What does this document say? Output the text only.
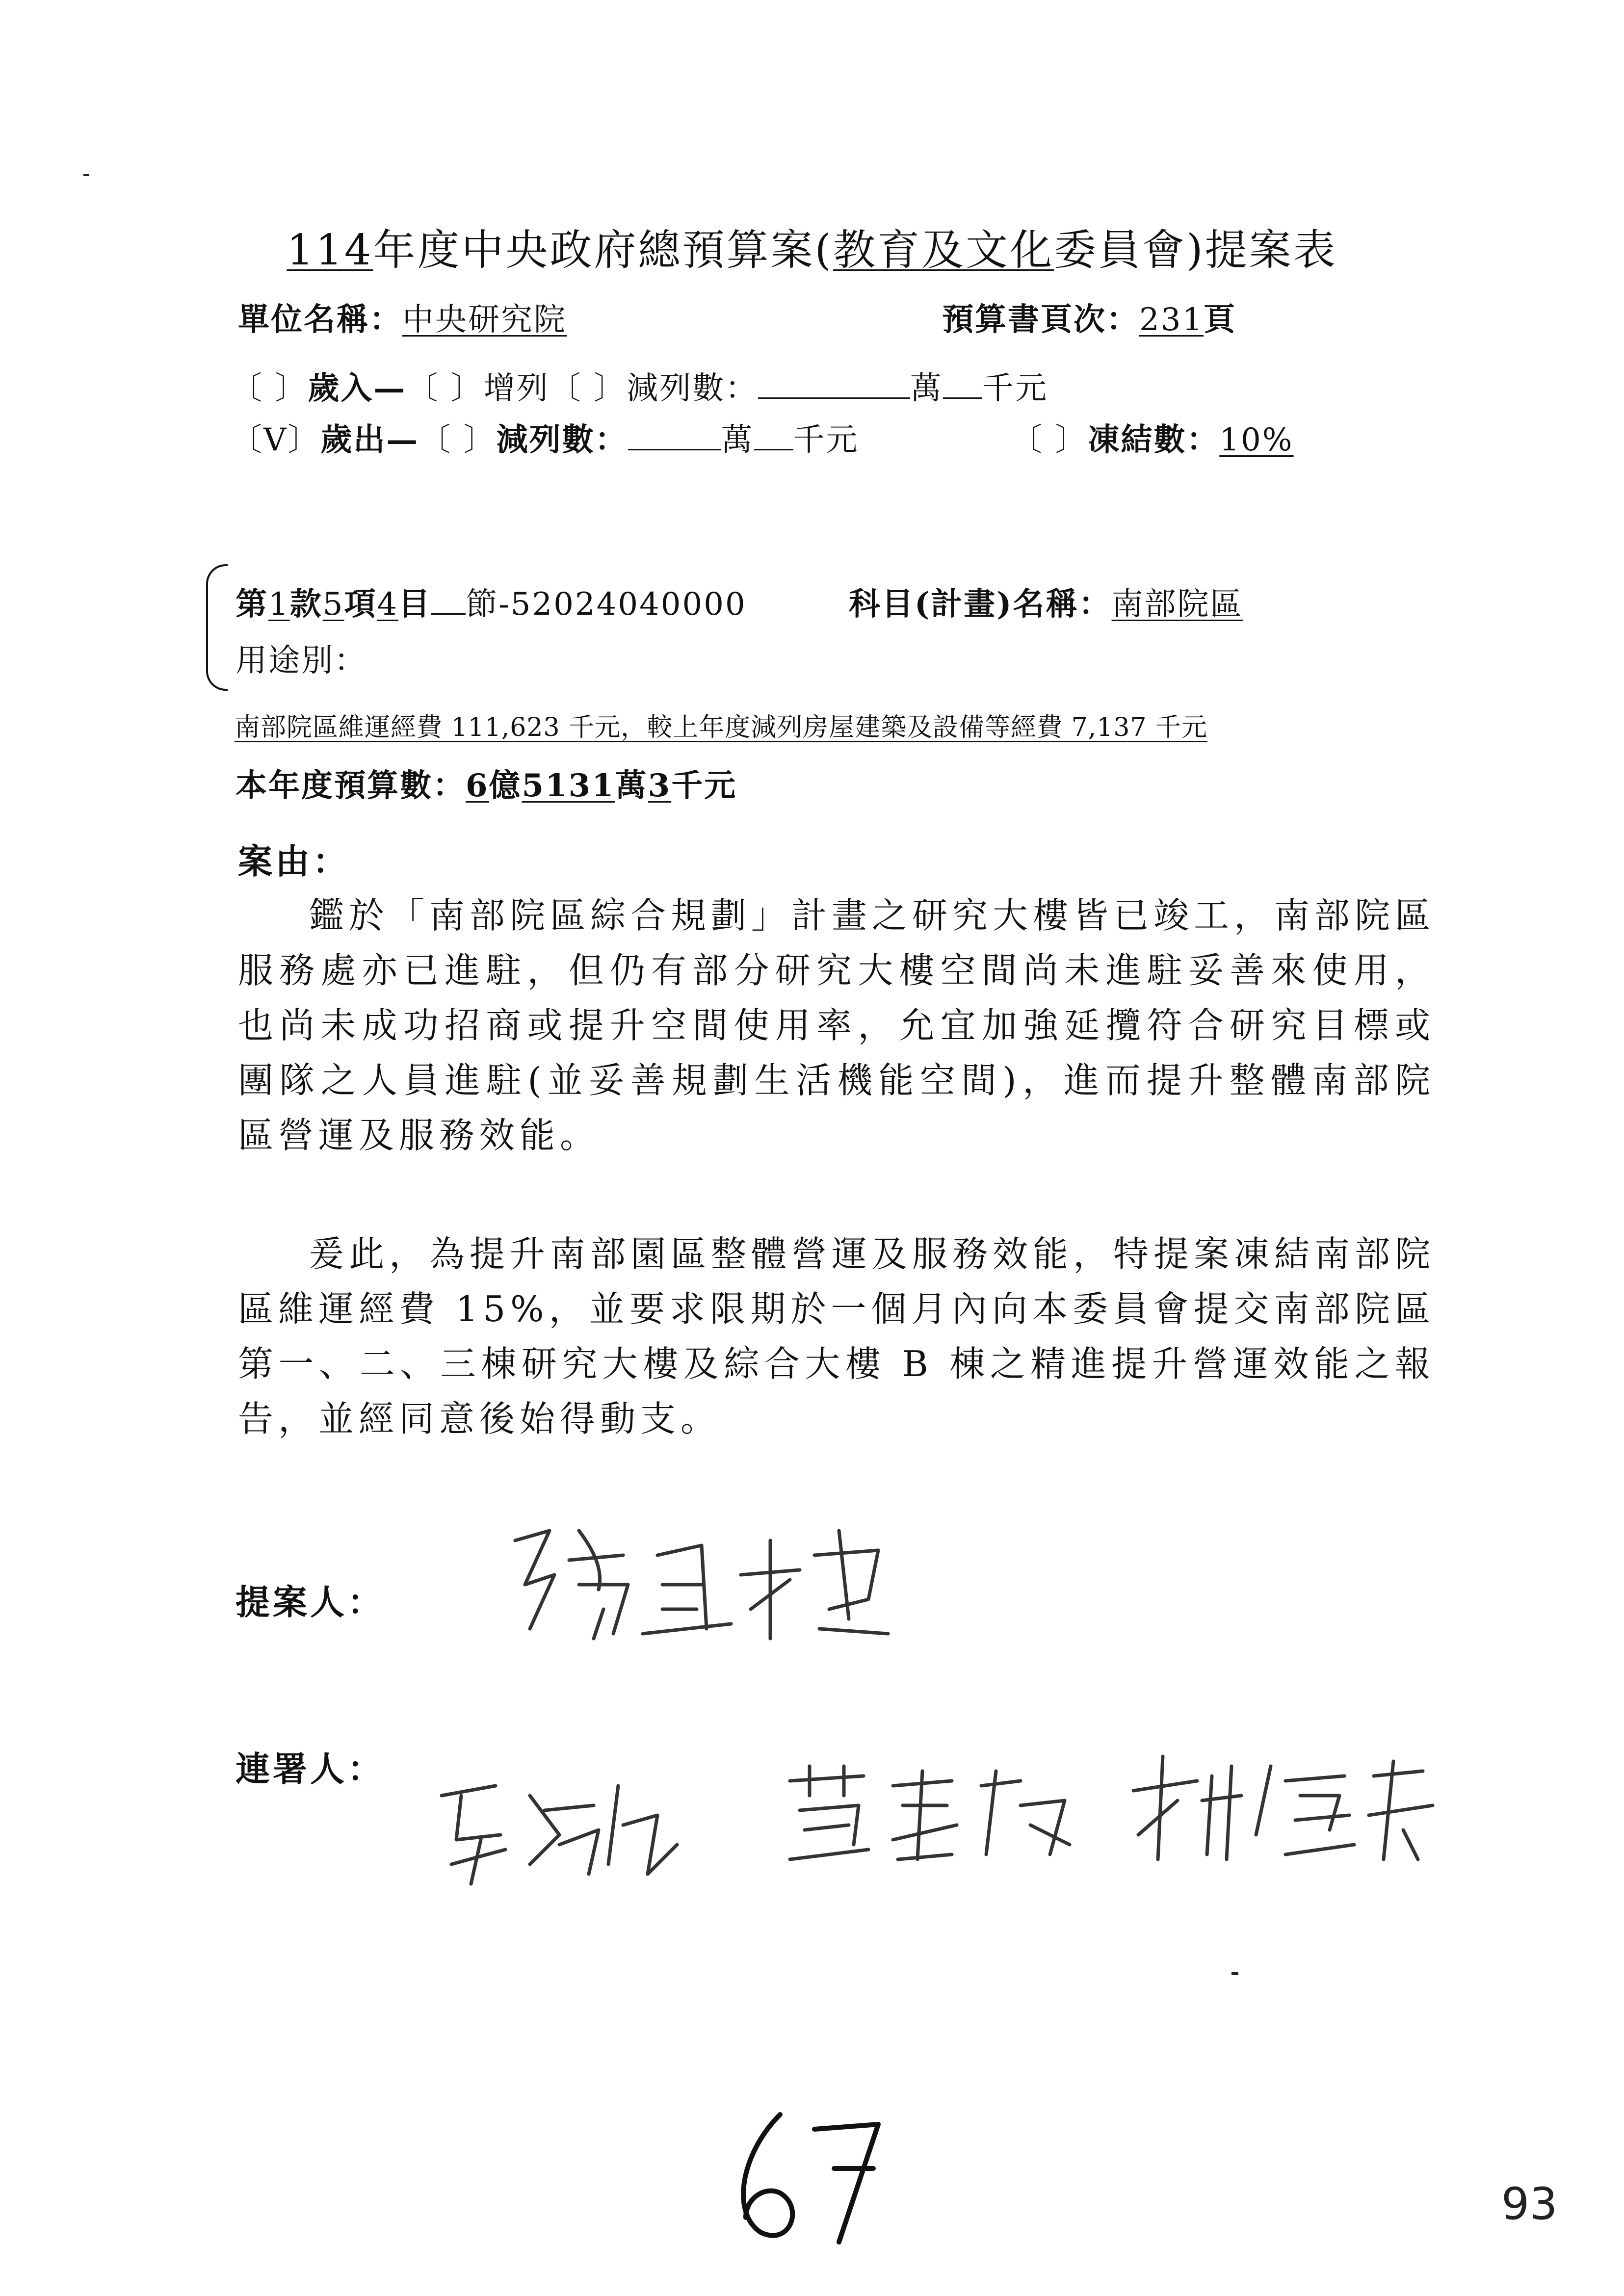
114年度中央政府總預算案(教育及文化委員會)提案表
單位名稱：中央研究院	預算書頁次：231頁
〔 〕歲入—〔 〕增列〔 〕減列數：	萬 千元
〔V〕歲出—〔 〕減列數：	萬 千元	〔 〕凍結數：10%
第1款5項4目 節-52024040000	科目(計畫)名稱：南部院區
用途別：
南部院區維運經費 111,623 千元，較上年度減列房屋建築及設備等經費 7,137 千元
本年度預算數：6億5131萬3千元
案由：
鑑於「南部院區綜合規劃」計畫之研究大樓皆已竣工，南部院區服務處亦已進駐，但仍有部分研究大樓空間尚未進駐妥善來使用，也尚未成功招商或提升空間使用率，允宜加強延攬符合研究目標或團隊之人員進駐(並妥善規劃生活機能空間)，進而提升整體南部院區營運及服務效能。
爰此，為提升南部園區整體營運及服務效能，特提案凍結南部院區維運經費 15%，並要求限期於一個月內向本委員會提交南部院區第一、二、三棟研究大樓及綜合大樓 B 棟之精進提升營運效能之報告，並經同意後始得動支。
提案人：
連署人：
93
